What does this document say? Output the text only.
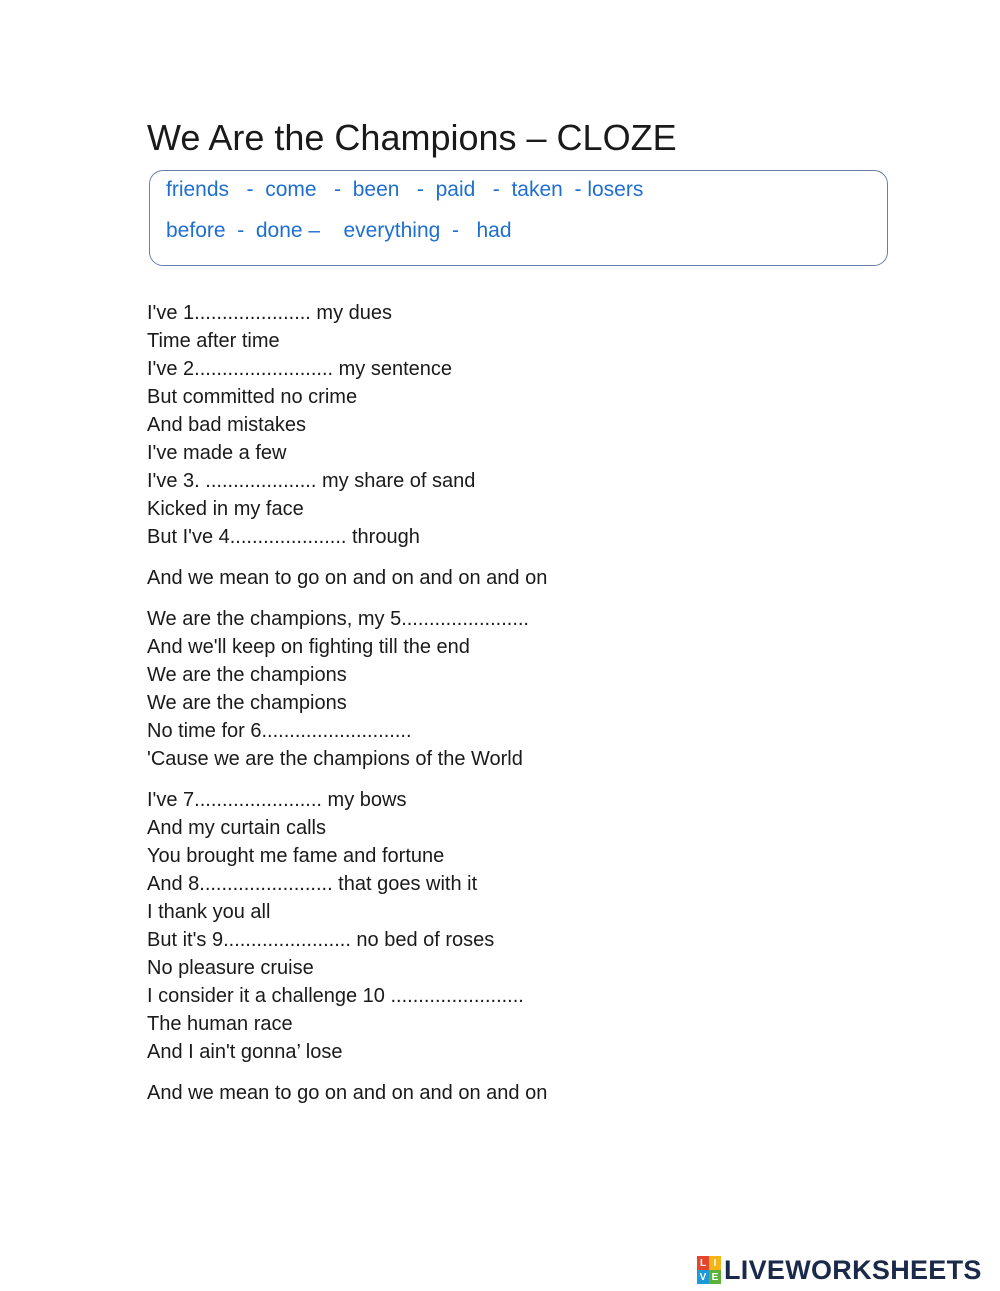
We Are the Champions – CLOZE
friends   -  come   -  been   -  paid   -  taken  - losers
before  -  done –    everything  -   had
I've 1..................... my dues
Time after time
I've 2......................... my sentence
But committed no crime
And bad mistakes
I've made a few
I've 3. .................... my share of sand
Kicked in my face
But I've 4..................... through
And we mean to go on and on and on and on
We are the champions, my 5.......................
And we'll keep on fighting till the end
We are the champions
We are the champions
No time for 6...........................
'Cause we are the champions of the World
I've 7....................... my bows
And my curtain calls
You brought me fame and fortune
And 8........................ that goes with it
I thank you all
But it's 9....................... no bed of roses
No pleasure cruise
I consider it a challenge 10 ........................
The human race
And I ain't gonna’ lose
And we mean to go on and on and on and on
L I
V E LIVEWORKSHEETS
